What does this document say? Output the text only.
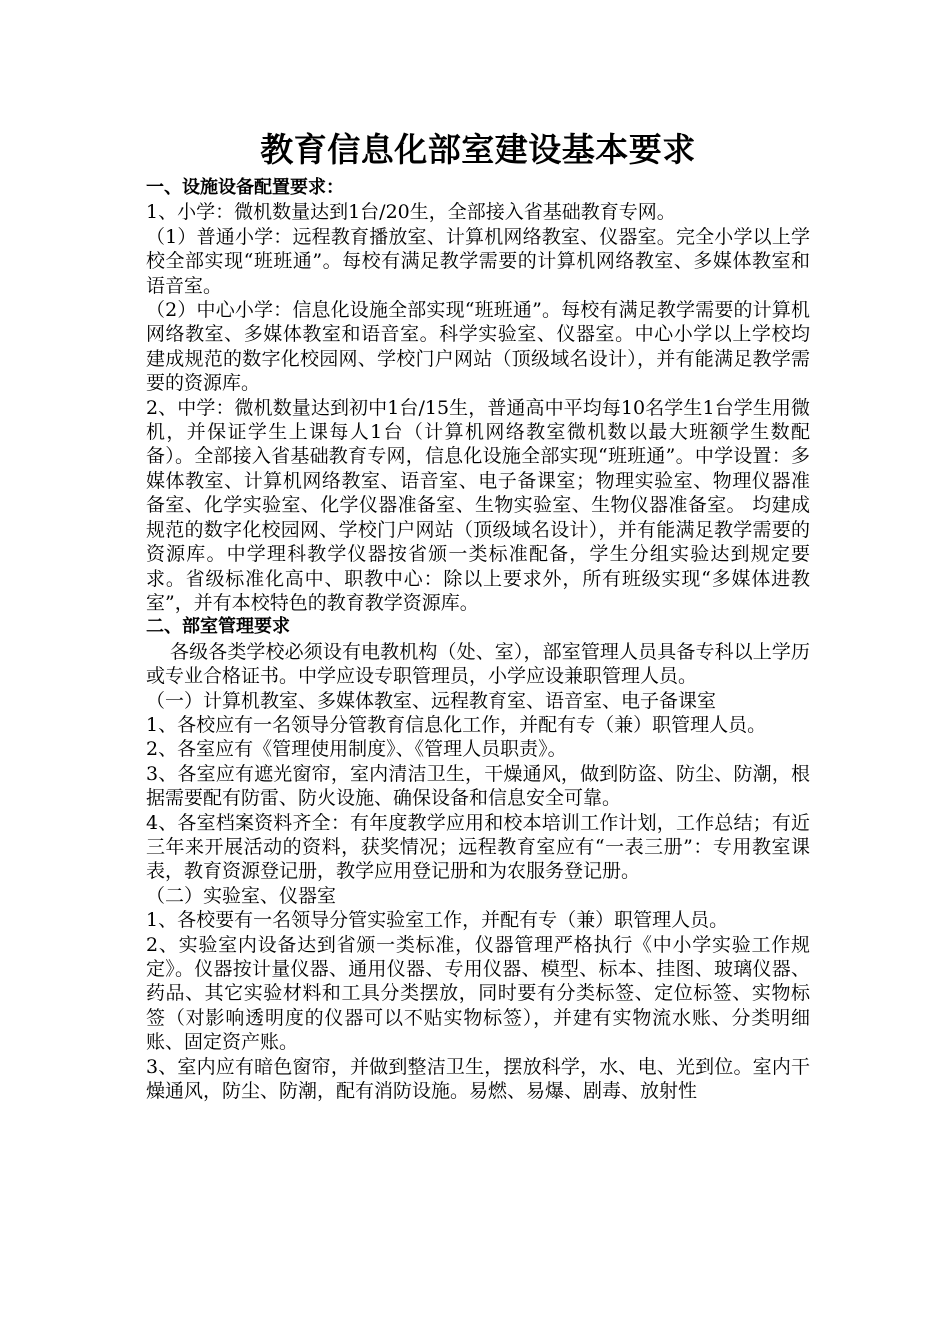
教育信息化部室建设基本要求

一、设施设备配置要求：

1、小学：微机数量达到1台/20生，全部接入省基础教育专网。

（1）普通小学：远程教育播放室、计算机网络教室、仪器室。完全小学以上学校全部实现“班班通”。每校有满足教学需要的计算机网络教室、多媒体教室和语音室。

（2）中心小学：信息化设施全部实现“班班通”。每校有满足教学需要的计算机网络教室、多媒体教室和语音室。科学实验室、仪器室。中心小学以上学校均建成规范的数字化校园网、学校门户网站（顶级域名设计），并有能满足教学需要的资源库。

2、中学：微机数量达到初中1台/15生，普通高中平均每10名学生1台学生用微机，并保证学生上课每人1台（计算机网络教室微机数以最大班额学生数配备）。全部接入省基础教育专网，信息化设施全部实现“班班通”。中学设置：多媒体教室、计算机网络教室、语音室、电子备课室；物理实验室、物理仪器准备室、化学实验室、化学仪器准备室、生物实验室、生物仪器准备室。 均建成规范的数字化校园网、学校门户网站（顶级域名设计），并有能满足教学需要的资源库。中学理科教学仪器按省颁一类标准配备，学生分组实验达到规定要求。省级标准化高中、职教中心：除以上要求外，所有班级实现“多媒体进教室”，并有本校特色的教育教学资源库。

二、部室管理要求

各级各类学校必须设有电教机构（处、室），部室管理人员具备专科以上学历或专业合格证书。中学应设专职管理员，小学应设兼职管理人员。

（一）计算机教室、多媒体教室、远程教育室、语音室、电子备课室

1、各校应有一名领导分管教育信息化工作，并配有专（兼）职管理人员。

2、各室应有《管理使用制度》、《管理人员职责》。

3、各室应有遮光窗帘，室内清洁卫生，干燥通风，做到防盗、防尘、防潮，根据需要配有防雷、防火设施、确保设备和信息安全可靠。

4、各室档案资料齐全：有年度教学应用和校本培训工作计划，工作总结；有近三年来开展活动的资料，获奖情况；远程教育室应有“一表三册”：专用教室课表，教育资源登记册，教学应用登记册和为农服务登记册。

（二）实验室、仪器室

1、各校要有一名领导分管实验室工作，并配有专（兼）职管理人员。

2、实验室内设备达到省颁一类标准，仪器管理严格执行《中小学实验工作规定》。仪器按计量仪器、通用仪器、专用仪器、模型、标本、挂图、玻璃仪器、药品、其它实验材料和工具分类摆放，同时要有分类标签、定位标签、实物标签（对影响透明度的仪器可以不贴实物标签），并建有实物流水账、分类明细账、固定资产账。

3、室内应有暗色窗帘，并做到整洁卫生，摆放科学，水、电、光到位。室内干燥通风，防尘、防潮，配有消防设施。易燃、易爆、剧毒、放射性
